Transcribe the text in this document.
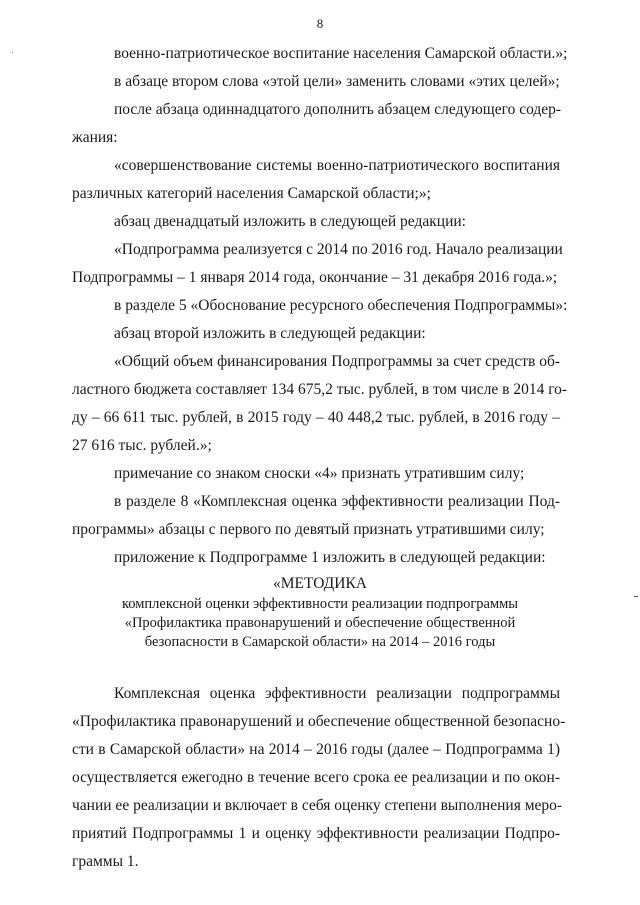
8
военно-патриотическое воспитание населения Самарской области.»;
в абзаце втором слова «этой цели» заменить словами «этих целей»;
после абзаца одиннадцатого дополнить абзацем следующего содер-
жания:
«совершенствование системы военно-патриотического воспитания
различных категорий населения Самарской области;»;
абзац двенадцатый изложить в следующей редакции:
«Подпрограмма реализуется с 2014 по 2016 год. Начало реализации
Подпрограммы – 1 января 2014 года, окончание – 31 декабря 2016 года.»;
в разделе 5 «Обоснование ресурсного обеспечения Подпрограммы»:
абзац второй изложить в следующей редакции:
«Общий объем финансирования Подпрограммы за счет средств об-
ластного бюджета составляет 134 675,2 тыс. рублей, в том числе в 2014 го-
ду – 66 611 тыс. рублей, в 2015 году – 40 448,2 тыс. рублей, в 2016 году –
27 616 тыс. рублей.»;
примечание со знаком сноски «4» признать утратившим силу;
в разделе 8 «Комплексная оценка эффективности реализации Под-
программы» абзацы с первого по девятый признать утратившими силу;
приложение к Подпрограмме 1 изложить в следующей редакции:
«МЕТОДИКА
комплексной оценки эффективности реализации подпрограммы
«Профилактика правонарушений и обеспечение общественной
безопасности в Самарской области» на 2014 – 2016 годы
Комплексная оценка эффективности реализации подпрограммы
«Профилактика правонарушений и обеспечение общественной безопасно-
сти в Самарской области» на 2014 – 2016 годы (далее – Подпрограмма 1)
осуществляется ежегодно в течение всего срока ее реализации и по окон-
чании ее реализации и включает в себя оценку степени выполнения меро-
приятий Подпрограммы 1 и оценку эффективности реализации Подпро-
граммы 1.
